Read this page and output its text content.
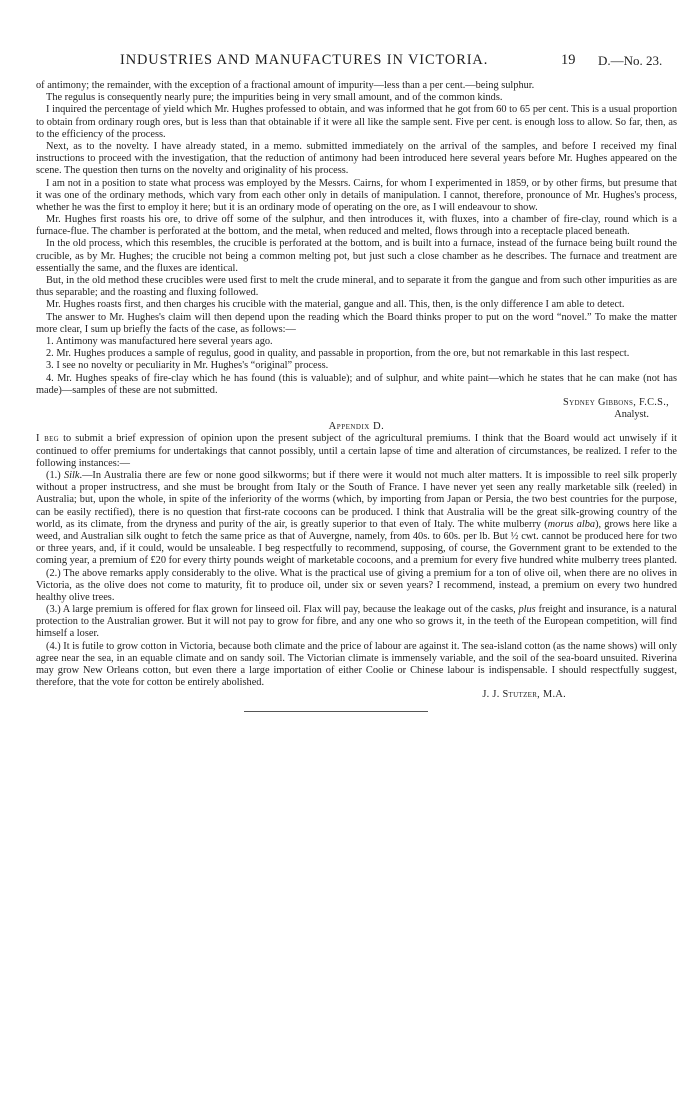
INDUSTRIES AND MANUFACTURES IN VICTORIA.	19 D.—No. 23.

of antimony; the remainder, with the exception of a fractional amount of impurity—less than a per cent.—being sulphur.

The regulus is consequently nearly pure; the impurities being in very small amount, and of the common kinds.

I inquired the percentage of yield which Mr. Hughes professed to obtain, and was informed that he got from 60 to 65 per cent. This is a usual proportion to obtain from ordinary rough ores, but is less than that obtainable if it were all like the sample sent. Five per cent. is enough loss to allow. So far, then, as to the efficiency of the process.

Next, as to the novelty. I have already stated, in a memo. submitted immediately on the arrival of the samples, and before I received my final instructions to proceed with the investigation, that the reduction of antimony had been introduced here several years before Mr. Hughes appeared on the scene. The question then turns on the novelty and originality of his process.

I am not in a position to state what process was employed by the Messrs. Cairns, for whom I experimented in 1859, or by other firms, but presume that it was one of the ordinary methods, which vary from each other only in details of manipulation. I cannot, therefore, pronounce of Mr. Hughes's process, whether he was the first to employ it here; but it is an ordinary mode of operating on the ore, as I will endeavour to show.

Mr. Hughes first roasts his ore, to drive off some of the sulphur, and then introduces it, with fluxes, into a chamber of fire-clay, round which is a furnace-flue. The chamber is perforated at the bottom, and the metal, when reduced and melted, flows through into a receptacle placed beneath.

In the old process, which this resembles, the crucible is perforated at the bottom, and is built into a furnace, instead of the furnace being built round the crucible, as by Mr. Hughes; the crucible not being a common melting pot, but just such a close chamber as he describes. The furnace and treatment are essentially the same, and the fluxes are identical.

But, in the old method these crucibles were used first to melt the crude mineral, and to separate it from the gangue and from such other impurities as are thus separable; and the roasting and fluxing followed.

Mr. Hughes roasts first, and then charges his crucible with the material, gangue and all. This, then, is the only difference I am able to detect.

The answer to Mr. Hughes's claim will then depend upon the reading which the Board thinks proper to put on the word “novel.” To make the matter more clear, I sum up briefly the facts of the case, as follows:—

1. Antimony was manufactured here several years ago.

2. Mr. Hughes produces a sample of regulus, good in quality, and passable in proportion, from the ore, but not remarkable in this last respect.

3. I see no novelty or peculiarity in Mr. Hughes's “original” process.

4. Mr. Hughes speaks of fire-clay which he has found (this is valuable); and of sulphur, and white paint—which he states that he can make (not has made)—samples of these are not submitted.

Sydney Gibbons, F.C.S.,

Analyst.

Appendix D.

I beg to submit a brief expression of opinion upon the present subject of the agricultural premiums. I think that the Board would act unwisely if it continued to offer premiums for undertakings that cannot possibly, until a certain lapse of time and alteration of circumstances, be realized. I refer to the following instances:—

(1.) Silk.—In Australia there are few or none good silkworms; but if there were it would not much alter matters. It is impossible to reel silk properly without a proper instructress, and she must be brought from Italy or the South of France. I have never yet seen any really marketable silk (reeled) in Australia; but, upon the whole, in spite of the inferiority of the worms (which, by importing from Japan or Persia, the two best countries for the purpose, can be easily rectified), there is no question that first-rate cocoons can be produced. I think that Australia will be the great silk-growing country of the world, as its climate, from the dryness and purity of the air, is greatly superior to that even of Italy. The white mulberry (morus alba), grows here like a weed, and Australian silk ought to fetch the same price as that of Auvergne, namely, from 40s. to 60s. per lb. But ½ cwt. cannot be produced here for two or three years, and, if it could, would be unsaleable. I beg respectfully to recommend, supposing, of course, the Government grant to be extended to the coming year, a premium of £20 for every thirty pounds weight of marketable cocoons, and a premium for every five hundred white mulberry trees planted.

(2.) The above remarks apply considerably to the olive. What is the practical use of giving a premium for a ton of olive oil, when there are no olives in Victoria, as the olive does not come to maturity, fit to produce oil, under six or seven years? I recommend, instead, a premium on every two hundred healthy olive trees.

(3.) A large premium is offered for flax grown for linseed oil. Flax will pay, because the leakage out of the casks, plus freight and insurance, is a natural protection to the Australian grower. But it will not pay to grow for fibre, and any one who so grows it, in the teeth of the European competition, will find himself a loser.

(4.) It is futile to grow cotton in Victoria, because both climate and the price of labour are against it. The sea-island cotton (as the name shows) will only agree near the sea, in an equable climate and on sandy soil. The Victorian climate is immensely variable, and the soil of the sea-board unsuited. Riverina may grow New Orleans cotton, but even there a large importation of either Coolie or Chinese labour is indispensable. I should respectfully suggest, therefore, that the vote for cotton be entirely abolished.

J. J. Stutzer, M.A.
